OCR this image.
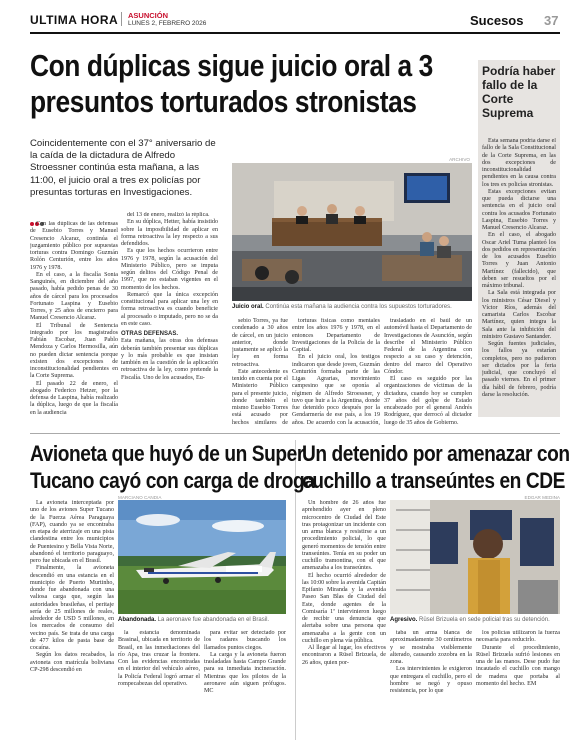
ULTIMA HORA ASUNCIÓN
LUNES 2, FEBRERO 2026	Sucesos 37
Con dúplicas sigue juicio oral a 3
presuntos torturados stronistas
Podría haber fallo de la Corte Suprema

Esta semana podría darse el fallo de la Sala Constitucional de la Corte Suprema, en las dos excepciones de inconstitucionalidad pendientes en la causa contra los tres ex policías stronistas.

Estas excepciones evitan que pueda dictarse una sentencia en el juicio oral contra los acusados Fortunato Laspina, Eusebio Torres y Manuel Cresencio Alcaraz.

En el caso, el abogado Oscar Ariel Tuma planteó los dos pedidos en representación de los acusados Eusebio Torres y Juan Antonio Martínez (fallecido), que deben ser resueltos por el máximo tribunal.

La Sala está integrada por los ministros César Diesel y Víctor Ríos, además del camarista Carlos Escobar Martínez, quien integra la Sala ante la inhibición del ministro Gustavo Santander.

Según fuentes judiciales, los fallos ya estarían completos, pero no pudieron ser dictados por la feria judicial, que concluyó el pasado viernes. En el primer día hábil de febrero, podría darse la resolución.

Coincidentemente con el 37° aniversario de la caída de la dictadura de Alfredo Stroessner continúa esta mañana, a las 11:00, el juicio oral a tres ex policías por presuntas torturas en Investigaciones.
ARCHIVO
Juicio oral. Continúa esta mañana la audiencia contra los supuestos torturadores.

Con las dúplicas de las defensas de Eusebio Torres y Manuel Cresencio Alcaraz, continúa el juzgamiento público por supuestas torturas contra Domingo Guzmán Rolón Centurión, entre los años 1976 y 1978.

En el caso, a la fiscalía Sonia Sanguinés, en diciembre del año pasado, había pedido penas de 30 años de cárcel para los procesados Fortunato Laspina y Eusebio Torres, y 25 años de encierro para Manuel Cresencio Alcaraz.

El Tribunal de Sentencia integrado por los magistrados Fabián Escobar, Juan Pablo Mendoza y Carlos Hermosilla, aún no pueden dictar sentencia porque existen dos excepciones de inconstitucionalidad pendientes en la Corte Suprema.

El pasado 22 de enero, el abogado Federico Hetzer, por la defensa de Laspina, había realizado la dúplica, luego de que la fiscalía en la audiencia

del 13 de enero, realizó la réplica.

En su dúplica, Hetter, había insistido sobre la imposibilidad de aplicar en forma retroactiva la ley respecto a sus defendidos.

Es que los hechos ocurrieron entre 1976 y 1978, según la acusación del Ministerio Público, pero se imputa según delitos del Código Penal de 1997, que no estaban vigentes en el momento de los hechos.

Remarcó que la única excepción constitucional para aplicar una ley en forma retroactiva es cuando beneficie al procesado o imputado, pero no se da en este caso.

OTRAS DEFENSAS.

Esta mañana, las otras dos defensas deberán también presentar sus dúplicas y lo más probable es que insistan también en la cuestión de la aplicación retroactiva de la ley, como pretende la Fiscalía. Uno de los acusados, Eu-

sebio Torres, ya fue condenado a 30 años de cárcel, en un juicio anterior, donde justamente se aplicó la ley en forma retroactiva.

Este antecedente es tenido en cuenta por el Ministerio Público para el presente juicio, donde también el mismo Eusebio Torres está acusado por hechos similares de

torturas físicas como mentales entre los años 1976 y 1978, en el entonces Departamento de Investigaciones de la Policía de la Capital.

En el juicio oral, los testigos indicaron que desde joven, Guzmán Centurión formaba parte de las Ligas Agrarias, movimiento campesino que se oponía al régimen de Alfredo Stroessner, y tuvo que huir a la Argentina, donde fue detenido poco después por la Gendarmería de ese país, a los 19 años. De acuerdo con la acusación,

trasladado en el baúl de un automóvil hasta el Departamento de Investigaciones de Asunción, según describe el Ministerio Público Federal de la Argentina con respecto a su caso y detención, dentro del marco del Operativo Cóndor.

El caso es seguido por las organizaciones de víctimas de la dictadura, cuando hoy se cumplen 37 años del golpe de Estado encabezado por el general Andrés Rodríguez, que derrocó al dictador luego de 35 años de Gobierno.

Avioneta que huyó de un Super
Tucano cayó con carga de droga
MARCIANO CANDIA

La avioneta interceptada por uno de los aviones Super Tucano de la Fuerza Aérea Paraguaya (FAP), cuando ya se encontraba en etapa de aterrizaje en una pista clandestina entre los municipios de Puentesino y Bella Vista Norte, abandonó el territorio paraguayo, pero fue ubicada en el Brasil.

Finalmente, la avioneta descendió en una estancia en el municipio de Puerto Murtinho, donde fue abandonada con una valiosa carga que, según las autoridades brasileñas, el peritaje sería de 25 millones de reales, alrededor de USD 5 millones, en los mercados de consumo del vecino país. Se trata de una carga de 477 kilos de pasta base de cocaína.

Según los datos recabados, la avioneta con matrícula boliviana CP-298 descendió en

Abandonada. La aeronave fue abandonada en el Brasil.

la estancia denominada Brasinal, ubicada en territorio de Brasil, en las inmediaciones del río Apa, tras cruzar la frontera. Con las evidencias encontradas en el interior del vehículo aéreo, la Policía Federal logró armar el rompecabezas del operativo.

para evitar ser detectado por los radares buscando los llamados puntos ciegos.

La carga y la avioneta fueron trasladadas hasta Campo Grande para su inmediata incineración. Mientras que los pilotos de la aeronave aún siguen prófugos. MC

Un detenido por amenazar con
cuchillo a transeúntes en CDE

Un hombre de 26 años fue aprehendido ayer en pleno microcentro de Ciudad del Este tras protagonizar un incidente con un arma blanca y resistirse a un procedimiento policial, lo que generó momentos de tensión entre transeúntes. Tenía en su poder un cuchillo tramontina, con el que amenazaba a los transeúntes.

El hecho ocurrió alrededor de las 10:00 sobre la avenida Capitán Epifanio Miranda y la avenida Paseo San Blas de Ciudad del Este, donde agentes de la Comisaría 1ª intervinieron luego de recibir una denuncia que alertaba sobre una persona que amenazaba a la gente con un cuchillo en plena vía pública.

Al llegar al lugar, los efectivos encontraron a Rüsel Brizuela, de 26 años, quien por-

EDGAR MEDINA
Agresivo. Rüsel Brizuela en sede policial tras su detención.

taba un arma blanca de aproximadamente 30 centímetros y se mostraba visiblemente alterado, causando zozobra en la zona.

Los intervinientes le exigieron que entregara el cuchillo, pero el hombre se negó y opuso resistencia, por lo que

los policías utilizaron la fuerza necesaria para reducirlo.

Durante el procedimiento, Rüsel Brizuela sufrió lesiones en una de las manos. Dese pudo fue incautado el cuchillo con mango de madera que portaba al momento del hecho. EM
